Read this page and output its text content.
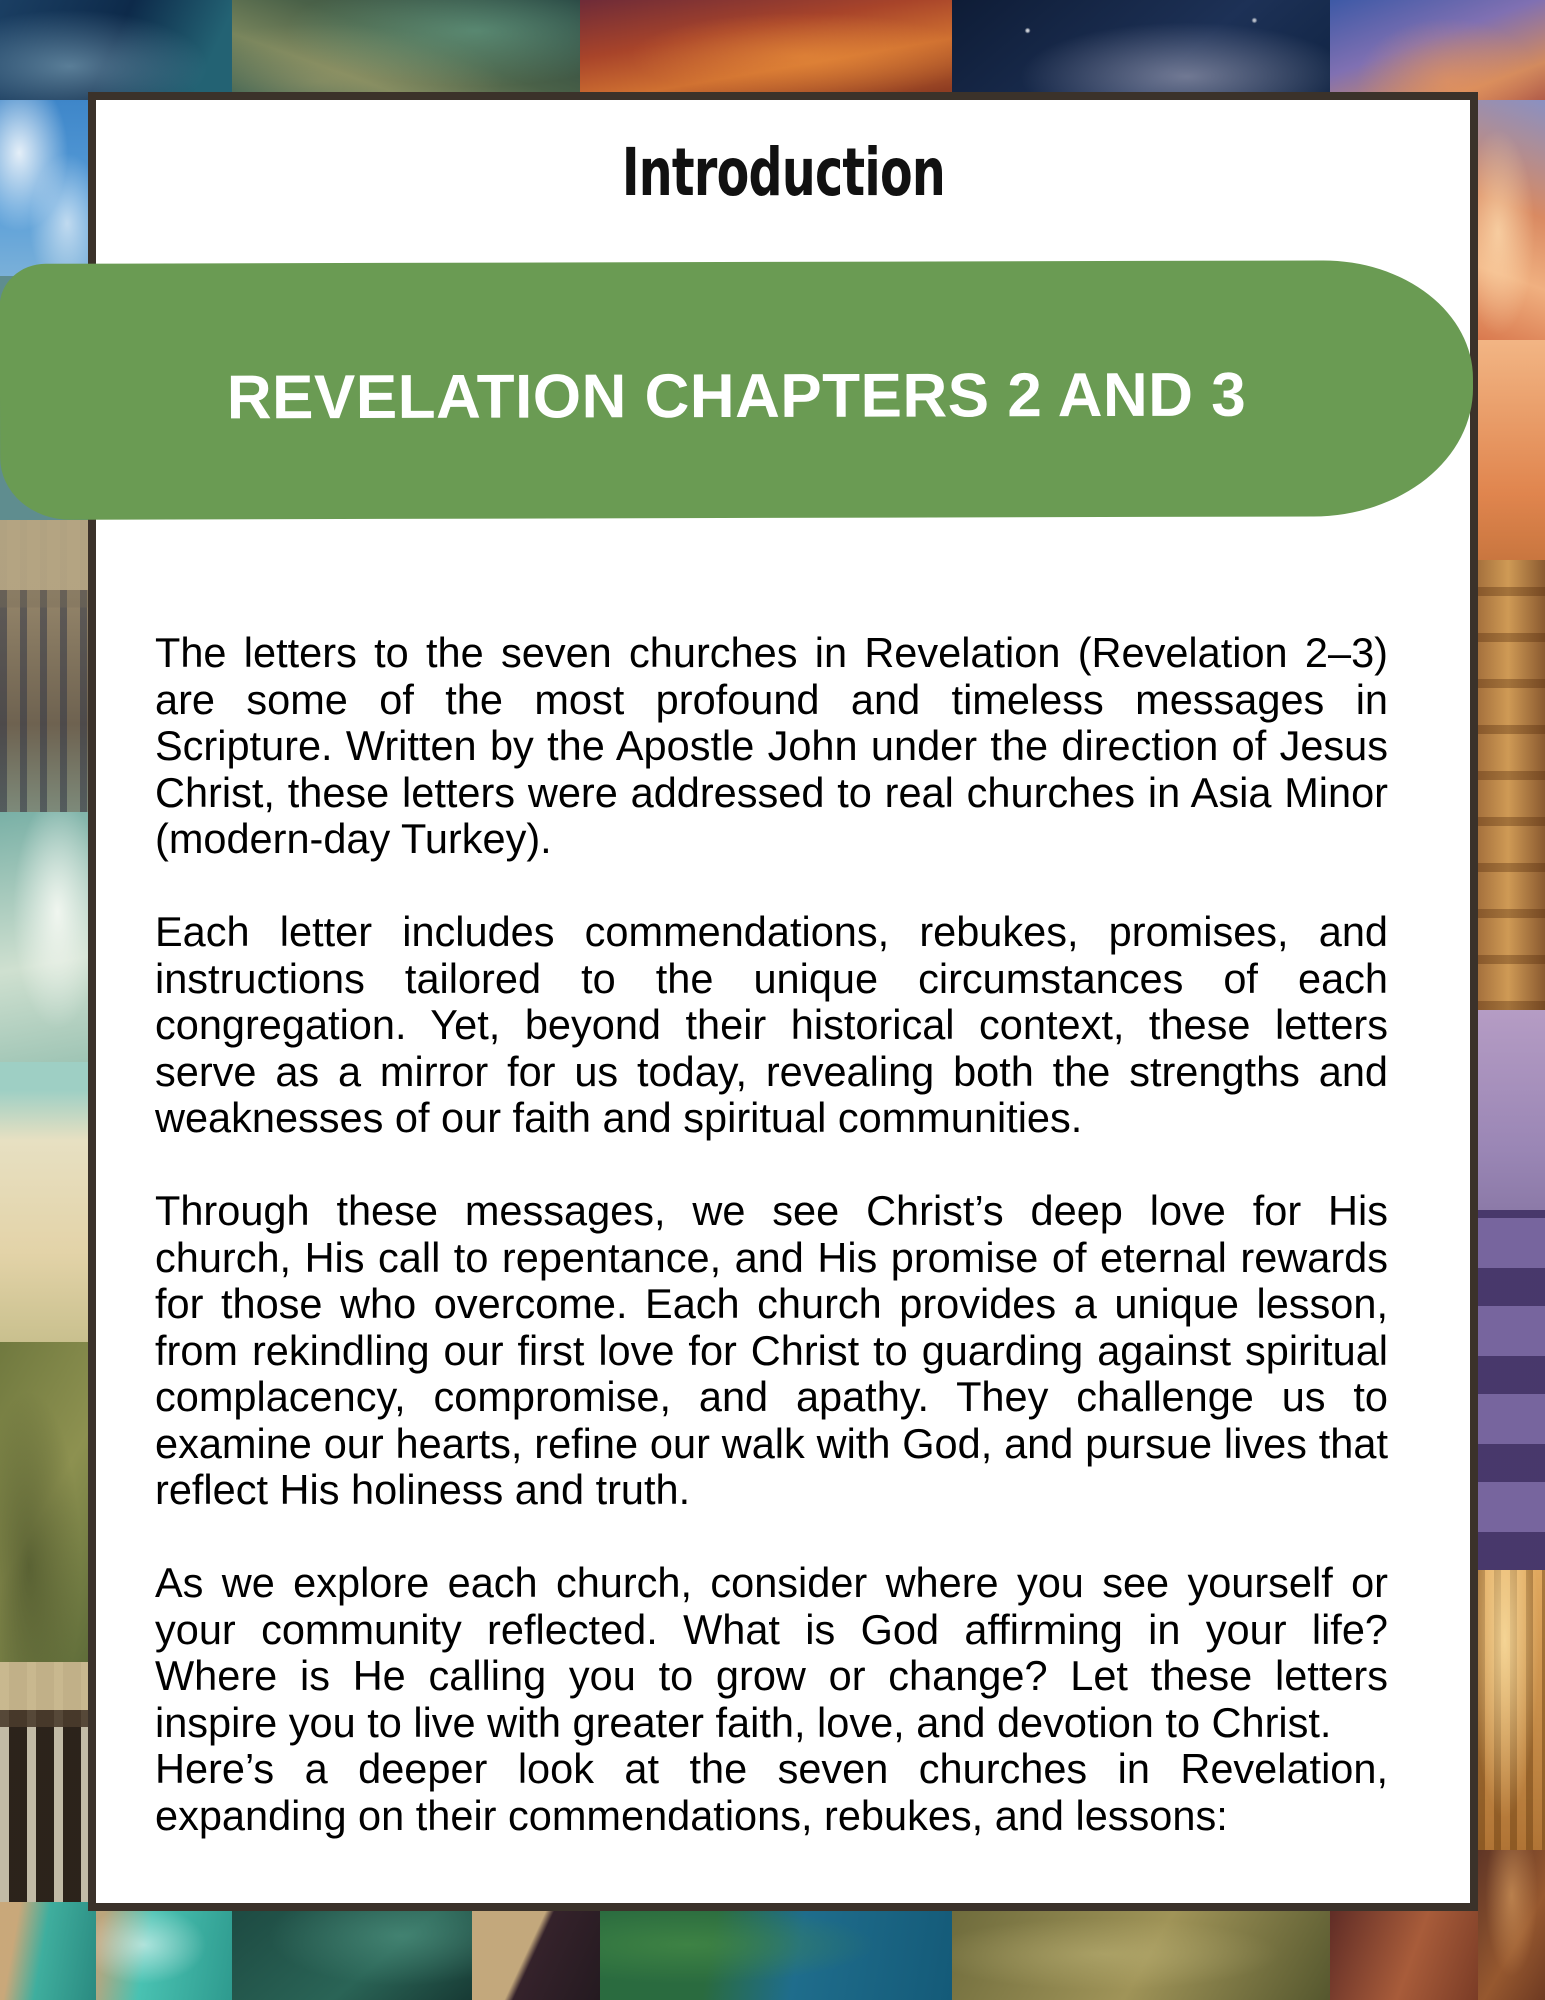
Introduction
REVELATION CHAPTERS 2 AND 3

The letters to the seven churches in Revelation (Revelation 2–3) are some of the most profound and timeless messages in Scripture. Written by the Apostle John under the direction of Jesus Christ, these letters were addressed to real churches in Asia Minor (modern-day Turkey).

Each letter includes commendations, rebukes, promises, and instructions tailored to the unique circumstances of each congregation. Yet, beyond their historical context, these letters serve as a mirror for us today, revealing both the strengths and weaknesses of our faith and spiritual communities.

Through these messages, we see Christ’s deep love for His church, His call to repentance, and His promise of eternal rewards for those who overcome. Each church provides a unique lesson, from rekindling our first love for Christ to guarding against spiritual complacency, compromise, and apathy. They challenge us to examine our hearts, refine our walk with God, and pursue lives that reflect His holiness and truth.

As we explore each church, consider where you see yourself or your community reflected. What is God affirming in your life? Where is He calling you to grow or change? Let these letters inspire you to live with greater faith, love, and devotion to Christ.

Here’s a deeper look at the seven churches in Revelation, expanding on their commendations, rebukes, and lessons:
